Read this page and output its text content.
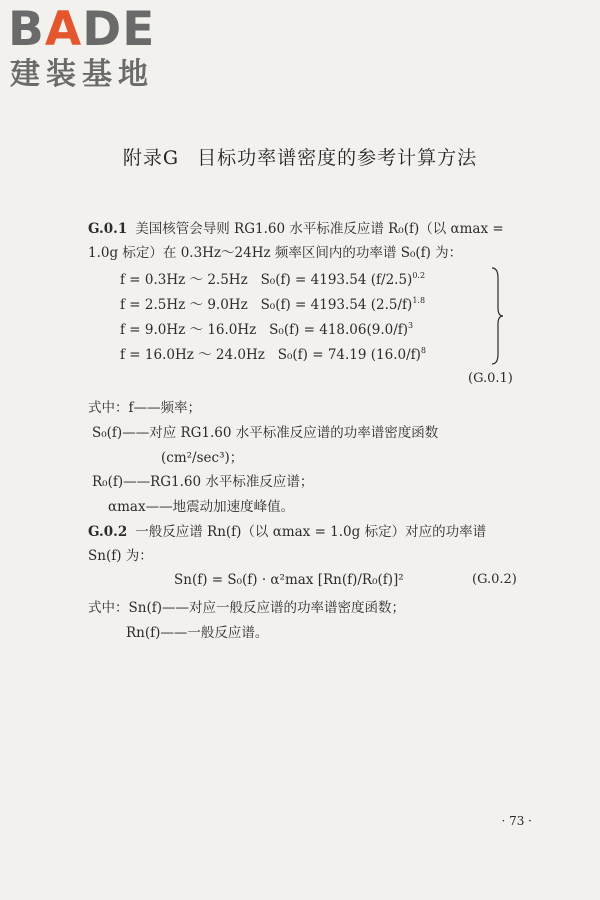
BADE
建装基地
附录G 目标功率谱密度的参考计算方法
G.0.1 美国核管会导则 RG1.60 水平标准反应谱 R₀(f)（以 αmax =
1.0g 标定）在 0.3Hz～24Hz 频率区间内的功率谱 S₀(f) 为：
f = 0.3Hz ～ 2.5Hz S₀(f) = 4193.54 $(f/2.5)^{0.2}$
f = 2.5Hz ～ 9.0Hz S₀(f) = 4193.54 $(2.5/f)^{1.8}$
f = 9.0Hz ～ 16.0Hz $S_0(f) = 418.06(9.0/f)^3$
f = 16.0Hz ～ 24.0Hz S₀(f) = 74.19 $(16.0/f)^8$
(G.0.1)
式中：f——频率；
S₀(f)——对应 RG1.60 水平标准反应谱的功率谱密度函数
(cm²/sec³)；
R₀(f)——RG1.60 水平标准反应谱；
αmax——地震动加速度峰值。
G.0.2 一般反应谱 Rn(f)（以 αmax = 1.0g 标定）对应的功率谱
Sn(f) 为：
Sn(f) = S₀(f) · α²max [Rn(f)/R₀(f)]²	(G.0.2)
式中：Sn(f)——对应一般反应谱的功率谱密度函数；
Rn(f)——一般反应谱。
· 73 ·
